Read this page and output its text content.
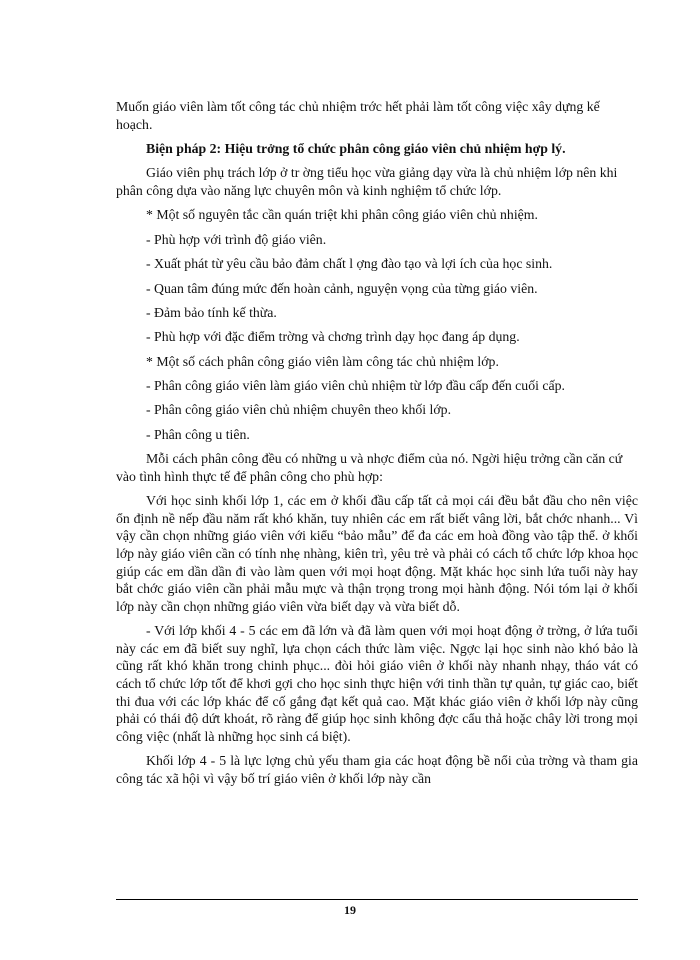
Muốn giáo viên làm tốt công tác chủ nhiệm trớc hết phải làm tốt công việc xây dựng kế hoạch.

Biện pháp 2: Hiệu trởng tổ chức phân công giáo viên chủ nhiệm hợp lý.

Giáo viên phụ trách lớp ở tr ờng tiểu học vừa giảng dạy vừa là chủ nhiệm lớp nên khi phân công dựa vào năng lực chuyên môn và kinh nghiệm tổ chức lớp.

* Một số nguyên tắc cần quán triệt khi phân công giáo viên chủ nhiệm.

- Phù hợp với trình độ giáo viên.

- Xuất phát từ yêu cầu bảo đảm chất l ợng đào tạo và lợi ích của học sinh.

- Quan tâm đúng mức đến hoàn cảnh, nguyện vọng của từng giáo viên.

- Đảm bảo tính kế thừa.

- Phù hợp với đặc điểm trờng và chơng trình dạy học đang áp dụng.

* Một số cách phân công giáo viên làm công tác chủ nhiệm lớp.

- Phân công giáo viên làm giáo viên chủ nhiệm từ lớp đầu cấp đến cuối cấp.

- Phân công giáo viên chủ nhiệm chuyên theo khối lớp.

- Phân công u tiên.

Mỗi cách phân công đều có những u và nhợc điểm của nó. Ngời hiệu trởng cần căn cứ vào tình hình thực tế để phân công cho phù hợp:

Với học sinh khối lớp 1, các em ở khối đầu cấp tất cả mọi cái đều bắt đầu cho nên việc ổn định nề nếp đầu năm rất khó khăn, tuy nhiên các em rất biết vâng lời, bắt chớc nhanh... Vì vậy cần chọn những giáo viên với kiểu “bảo mẫu” để đa các em hoà đồng vào tập thể. ở khối lớp này giáo viên cần có tính nhẹ nhàng, kiên trì, yêu trẻ và phải có cách tổ chức lớp khoa học giúp các em dần dần đi vào làm quen với mọi hoạt động. Mặt khác học sinh lứa tuổi này hay bắt chớc giáo viên cần phải mẫu mực và thận trọng trong mọi hành động. Nói tóm lại ở khối lớp này cần chọn những giáo viên vừa biết dạy và vừa biết dỗ.

- Với lớp khối 4 - 5 các em đã lớn và đã làm quen với mọi hoạt động ở trờng, ở lứa tuổi này các em đã biết suy nghĩ, lựa chọn cách thức làm việc. Ngợc lại học sinh nào khó bảo là cũng rất khó khăn trong chinh phục... đòi hỏi giáo viên ở khối này nhanh nhạy, tháo vát có cách tổ chức lớp tốt để khơi gợi cho học sinh thực hiện với tinh thần tự quản, tự giác cao, biết thi đua với các lớp khác để cố gắng đạt kết quả cao. Mặt khác giáo viên ở khối lớp này cũng phải có thái độ dứt khoát, rõ ràng để giúp học sinh không đợc cẩu thả hoặc chây lời trong mọi công việc (nhất là những học sinh cá biệt).

Khối lớp 4 - 5 là lực lợng chủ yếu tham gia các hoạt động bề nổi của trờng và tham gia công tác xã hội vì vậy bố trí giáo viên ở khối lớp này cần

19
